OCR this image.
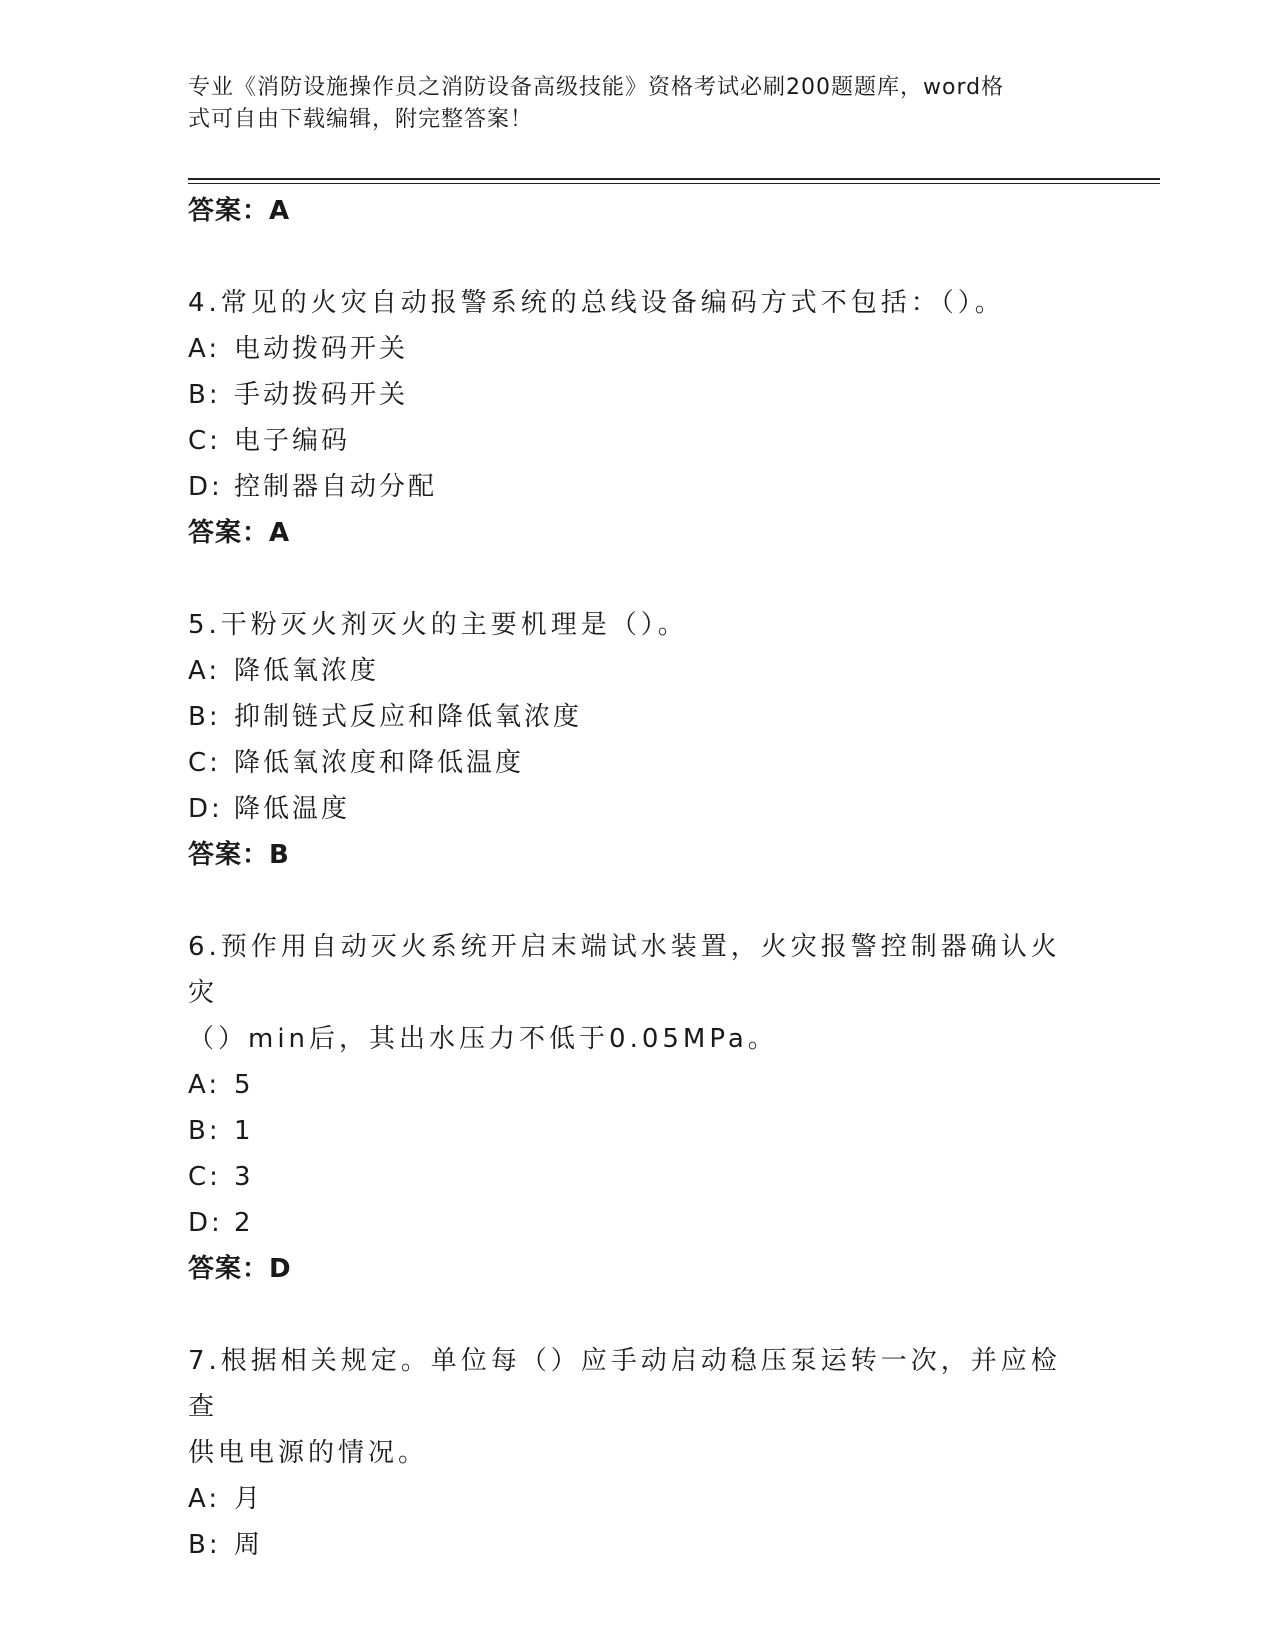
专业《消防设施操作员之消防设备高级技能》资格考试必刷200题题库，word格
式可自由下载编辑，附完整答案！
答案：A
4.常见的火灾自动报警系统的总线设备编码方式不包括：（）。
A: 电动拨码开关
B: 手动拨码开关
C: 电子编码
D: 控制器自动分配
答案：A
5.干粉灭火剂灭火的主要机理是（）。
A: 降低氧浓度
B: 抑制链式反应和降低氧浓度
C: 降低氧浓度和降低温度
D: 降低温度
答案：B
6.预作用自动灭火系统开启末端试水装置，火灾报警控制器确认火灾
（）min后，其出水压力不低于0.05MPa。
A: 5
B: 1
C: 3
D: 2
答案：D
7.根据相关规定。单位每（）应手动启动稳压泵运转一次，并应检查
供电电源的情况。
A: 月
B: 周
